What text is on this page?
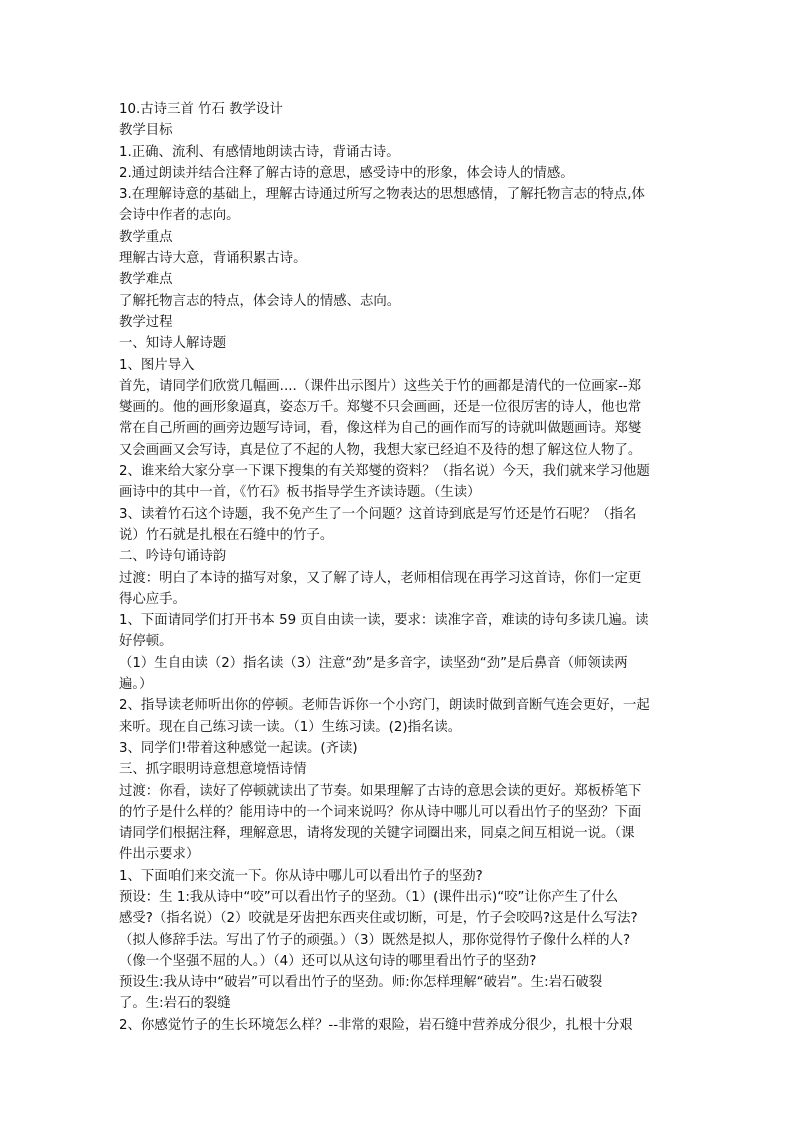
10.古诗三首 竹石 教学设计
教学目标
1.正确、流利、有感情地朗读古诗，背诵古诗。
2.通过朗读并结合注释了解古诗的意思，感受诗中的形象，体会诗人的情感。
3.在理解诗意的基础上，理解古诗通过所写之物表达的思想感情，了解托物言志的特点,体
会诗中作者的志向。
教学重点
理解古诗大意，背诵积累古诗。
教学难点
了解托物言志的特点，体会诗人的情感、志向。
教学过程
一、知诗人解诗题
1、图片导入
首先，请同学们欣赏几幅画....（课件出示图片）这些关于竹的画都是清代的一位画家--郑
燮画的。他的画形象逼真，姿态万千。郑燮不只会画画，还是一位很厉害的诗人，他也常
常在自己所画的画旁边题写诗词，看，像这样为自己的画作而写的诗就叫做题画诗。郑燮
又会画画又会写诗，真是位了不起的人物，我想大家已经迫不及待的想了解这位人物了。
2、谁来给大家分享一下课下搜集的有关郑燮的资料？（指名说）今天，我们就来学习他题
画诗中的其中一首，《竹石》板书指导学生齐读诗题。（生读）
3、读着竹石这个诗题，我不免产生了一个问题？这首诗到底是写竹还是竹石呢？（指名
说）竹石就是扎根在石缝中的竹子。
二、吟诗句诵诗韵
过渡：明白了本诗的描写对象，又了解了诗人，老师相信现在再学习这首诗，你们一定更
得心应手。
1、下面请同学们打开书本 59 页自由读一读，要求：读准字音，难读的诗句多读几遍。读
好停顿。
（1）生自由读（2）指名读（3）注意“劲”是多音字，读坚劲“劲”是后鼻音（师领读两
遍。）
2、指导读老师听出你的停顿。老师告诉你一个小窍门，朗读时做到音断气连会更好，一起
来听。现在自己练习读一读。（1）生练习读。(2)指名读。
3、同学们!带着这种感觉一起读。(齐读)
三、抓字眼明诗意想意境悟诗情
过渡：你看，读好了停顿就读出了节奏。如果理解了古诗的意思会读的更好。郑板桥笔下
的竹子是什么样的？能用诗中的一个词来说吗？你从诗中哪儿可以看出竹子的坚劲？下面
请同学们根据注释，理解意思，请将发现的关键字词圈出来，同桌之间互相说一说。（课
件出示要求）
1、下面咱们来交流一下。你从诗中哪儿可以看出竹子的坚劲?
预设：生 1:我从诗中“咬”可以看出竹子的坚劲。（1）(课件出示)“咬”让你产生了什么
感受?（指名说）（2）咬就是牙齿把东西夹住或切断，可是，竹子会咬吗?这是什么写法?
（拟人修辞手法。写出了竹子的顽强。）（3）既然是拟人，那你觉得竹子像什么样的人?
（像一个坚强不屈的人。）（4）还可以从这句诗的哪里看出竹子的坚劲?
预设生:我从诗中“破岩”可以看出竹子的坚劲。师:你怎样理解“破岩”。生:岩石破裂
了。生:岩石的裂缝
2、你感觉竹子的生长环境怎么样？--非常的艰险，岩石缝中营养成分很少，扎根十分艰
